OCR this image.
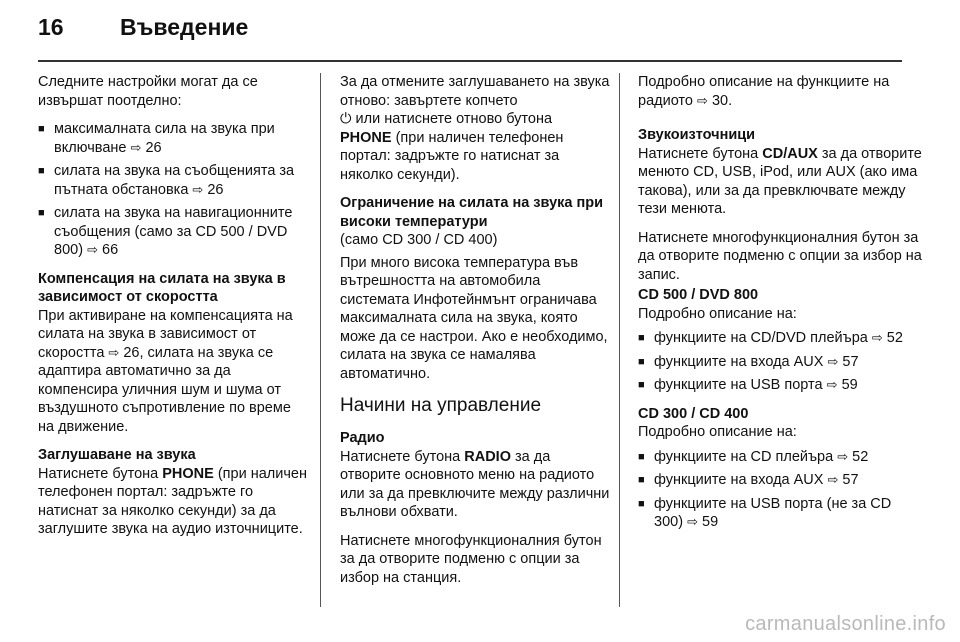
16 Въведение

Следните настройки могат да се извършат поотделно:

■ максималната сила на звука при включване ⇨ 26
■ силата на звука на съобщенията за пътната обстановка ⇨ 26
■ силата на звука на навигационните съобщения (само за CD 500 / DVD 800) ⇨ 66

Компенсация на силата на звука в зависимост от скоростта

При активиране на компенсацията на силата на звука в зависимост от скоростта ⇨ 26, силата на звука се адаптира автоматично за да компенсира уличния шум и шума от въздушното съпротивление по време на движение.

Заглушаване на звука

Натиснете бутона PHONE (при наличен телефонен портал: задръжте го натиснат за няколко секунди) за да заглушите звука на аудио източниците.

За да отмените заглушаването на звука отново: завъртете копчето
⏻ или натиснете отново бутона
PHONE (при наличен телефонен портал: задръжте го натиснат за няколко секунди).

Ограничение на силата на звука при високи температури

(само CD 300 / CD 400)

При много висока температура във вътрешността на автомобила системата Инфотейнмънт ограничава максималната сила на звука, която може да се настрои. Ако е необходимо, силата на звука се намалява автоматично.

Начини на управление

Радио

Натиснете бутона RADIO за да отворите основното меню на радиото или за да превключите между различни вълнови обхвати.

Натиснете многофункционалния бутон за да отворите подменю с опции за избор на станция.

Подробно описание на функциите на радиото ⇨ 30.

Звукоизточници

Натиснете бутона CD/AUX за да отворите менюто CD, USB, iPod, или AUX (ако има такова), или за да превключвате между тези менюта.

Натиснете многофункционалния бутон за да отворите подменю с опции за избор на запис.

CD 500 / DVD 800

Подробно описание на:

■ функциите на CD/DVD плейъра ⇨ 52
■ функциите на входа AUX ⇨ 57
■ функциите на USB порта ⇨ 59

CD 300 / CD 400

Подробно описание на:

■ функциите на CD плейъра ⇨ 52
■ функциите на входа AUX ⇨ 57
■ функциите на USB порта (не за CD 300) ⇨ 59
carmanualsonline.info
